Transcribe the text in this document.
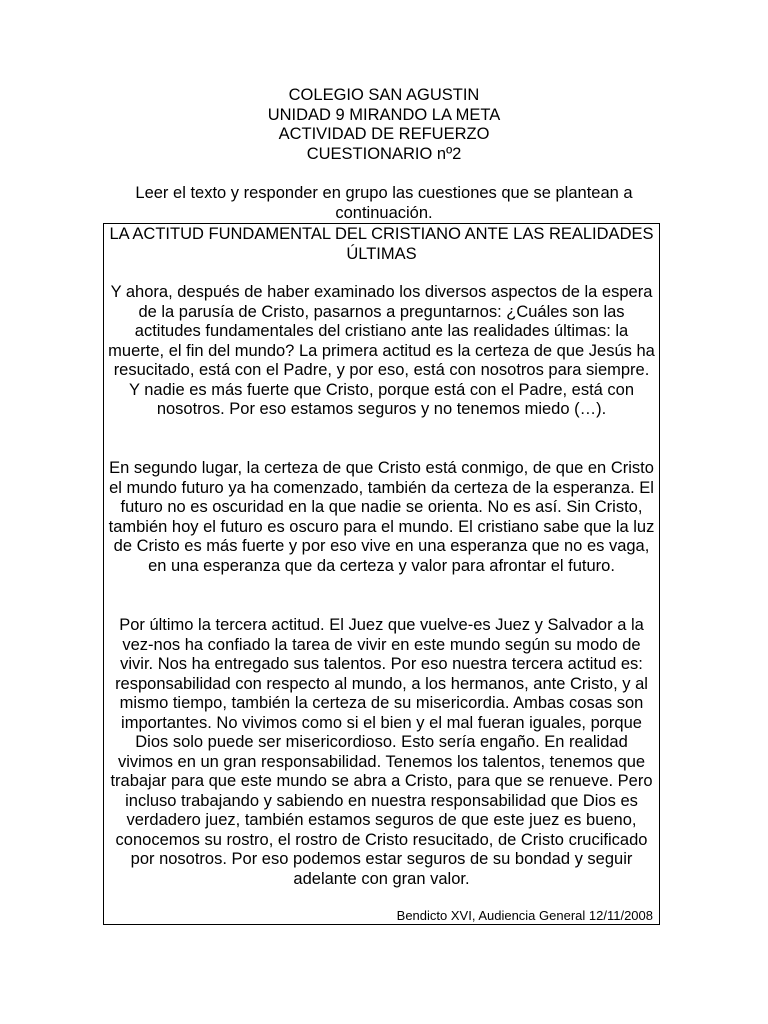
COLEGIO SAN AGUSTIN
UNIDAD 9 MIRANDO LA META
ACTIVIDAD DE REFUERZO
CUESTIONARIO nº2
Leer el texto y responder en grupo las cuestiones que se plantean a continuación.
LA ACTITUD FUNDAMENTAL DEL CRISTIANO ANTE LAS REALIDADES ÚLTIMAS
Y ahora, después de haber examinado los diversos aspectos de la espera de la parusía de Cristo, pasarnos a preguntarnos: ¿Cuáles son las actitudes fundamentales del cristiano ante las realidades últimas: la muerte, el fin del mundo? La primera actitud es la certeza de que Jesús ha resucitado, está con el Padre, y por eso, está con nosotros para siempre. Y nadie es más fuerte que Cristo, porque está con el Padre, está con nosotros. Por eso estamos seguros y no tenemos miedo (…).
En segundo lugar, la certeza de que Cristo está conmigo, de que en Cristo el mundo futuro ya ha comenzado, también da certeza de la esperanza. El futuro no es oscuridad en la que nadie se orienta. No es así. Sin Cristo, también hoy el futuro es oscuro para el mundo. El cristiano sabe que la luz de Cristo es más fuerte y por eso vive en una esperanza que no es vaga, en una esperanza que da certeza y valor para afrontar el futuro.
Por último la tercera actitud. El Juez que vuelve-es Juez y Salvador a la vez-nos ha confiado la tarea de vivir en este mundo según su modo de vivir. Nos ha entregado sus talentos. Por eso nuestra tercera actitud es: responsabilidad con respecto al mundo, a los hermanos, ante Cristo, y al mismo tiempo, también la certeza de su misericordia. Ambas cosas son importantes. No vivimos como si el bien y el mal fueran iguales, porque Dios solo puede ser misericordioso. Esto sería engaño. En realidad vivimos en un gran responsabilidad. Tenemos los talentos, tenemos que trabajar para que este mundo se abra a Cristo, para que se renueve. Pero incluso trabajando y sabiendo en nuestra responsabilidad que Dios es verdadero juez, también estamos seguros de que este juez es bueno, conocemos su rostro, el rostro de Cristo resucitado, de Cristo crucificado por nosotros. Por eso podemos estar seguros de su bondad y seguir adelante con gran valor.
Bendicto XVI, Audiencia General 12/11/2008
